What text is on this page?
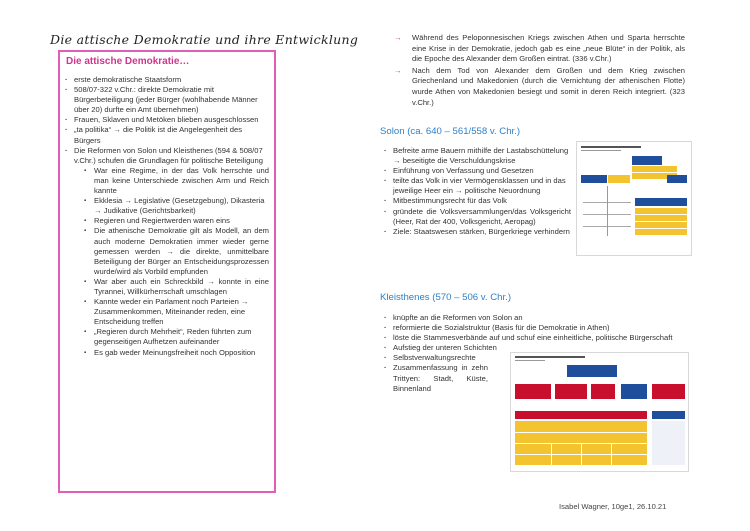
Die attische Demokratie und ihre Entwicklung
Die attische Demokratie…
· erste demokratische Staatsform
· 508/07-322 v.Chr.: direkte Demokratie mit Bürgerbeteiligung (jeder Bürger (wohlhabende Männer über 20) durfte ein Amt übernehmen)
· Frauen, Sklaven und Metöken blieben ausgeschlossen
· „ta politika“ → die Politik ist die Angelegenheit des Bürgers
· Die Reformen von Solon und Kleisthenes (594 & 508/07 v.Chr.) schufen die Grundlagen für politische Beteiligung
▪ War eine Regime, in der das Volk herrschte und man keine Unterschiede zwischen Arm und Reich kannte
▪ Ekklesia → Legislative (Gesetzgebung), Dikasteria → Judikative (Gerichtsbarkeit)
▪ Regieren und Regiertwerden waren eins
▪ Die athenische Demokratie gilt als Modell, an dem auch moderne Demokratien immer wieder gerne gemessen werden → die direkte, unmittelbare Beteiligung der Bürger an Entscheidungsprozessen wurde/wird als Vorbild empfunden
▪ War aber auch ein Schreckbild → konnte in eine Tyrannei, Willkürherrschaft umschlagen
▪ Kannte weder ein Parlament noch Parteien → Zusammenkommen, Miteinander reden, eine Entscheidung treffen
▪ „Regieren durch Mehrheit“, Reden führten zum gegenseitigen Aufhetzen aufeinander
▪ Es gab weder Meinungsfreiheit noch Opposition
→ Während des Peloponnesischen Kriegs zwischen Athen und Sparta herrschte eine Krise in der Demokratie, jedoch gab es eine „neue Blüte“ in der Politik, als die Epoche des Alexander dem Großen eintrat. (336 v.Chr.)
→ Nach dem Tod von Alexander dem Großen und dem Krieg zwischen Griechenland und Makedonien (durch die Vernichtung der athenischen Flotte) wurde Athen von Makedonien besiegt und somit in deren Reich integriert. (323 v.Chr.)
Solon (ca. 640 – 561/558 v. Chr.)
· Befreite arme Bauern mithilfe der Lastabschüttelung
→ beseitigte die Verschuldungskrise
· Einführung von Verfassung und Gesetzen
· teilte das Volk in vier Vermögensklassen und in das jeweilige Heer ein → politische Neuordnung
· Mitbestimmungsrecht für das Volk
· gründete die Volksversammlungen/das Volksgericht (Heer, Rat der 400, Volksgericht, Aeropag)
· Ziele: Staatswesen stärken, Bürgerkriege verhindern
Kleisthenes (570 – 506 v. Chr.)
· knüpfte an die Reformen von Solon an
· reformierte die Sozialstruktur (Basis für die Demokratie in Athen)
· löste die Stammesverbände auf und schuf eine einheitliche, politische Bürgerschaft
· Aufstieg der unteren Schichten
· Selbstverwaltungsrechte
· Zusammenfassung in zehn Trittyen: Stadt, Küste, Binnenland
Isabel Wagner, 10ge1, 26.10.21
